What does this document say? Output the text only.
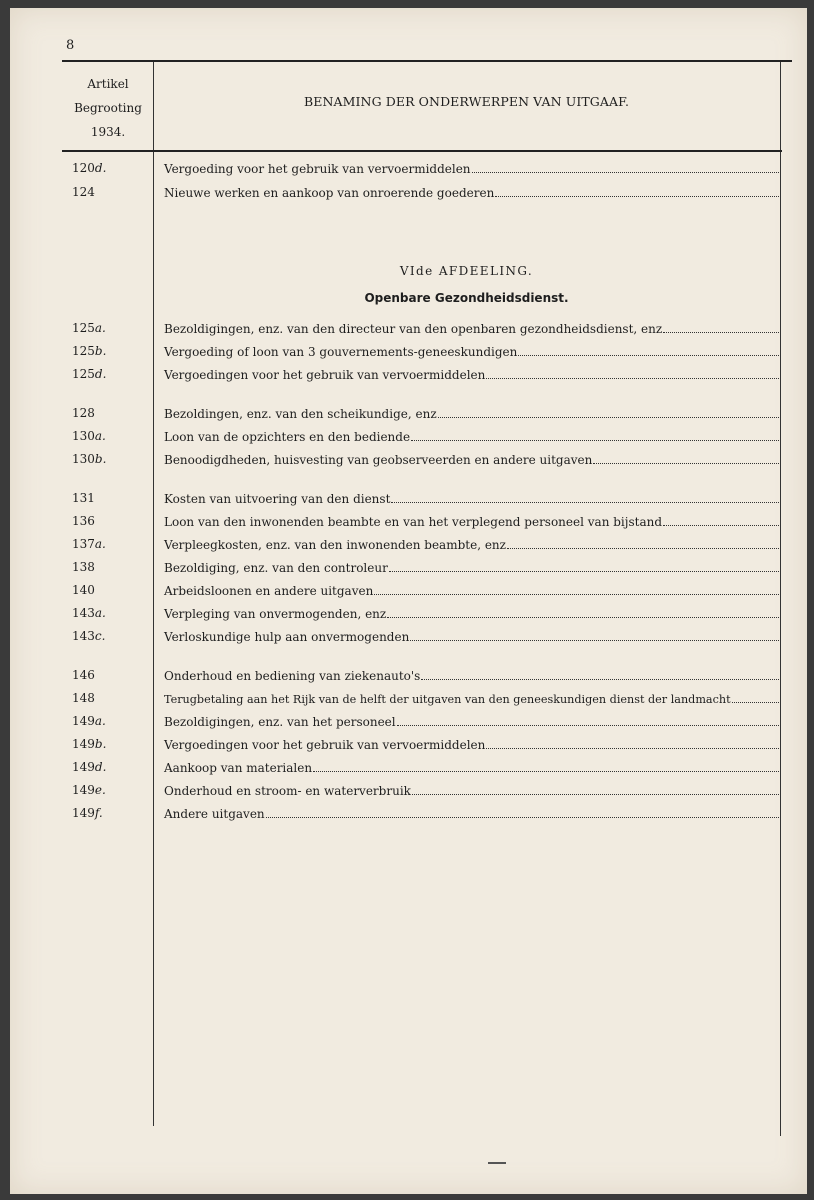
8
Artikel
Begrooting
1934.
BENAMING DER ONDERWERPEN VAN UITGAAF.
120d.	Vergoeding voor het gebruik van vervoermiddelen
124	Nieuwe werken en aankoop van onroerende goederen
VIde AFDEELING.
Openbare Gezondheidsdienst.
125a.	Bezoldigingen, enz. van den directeur van den openbaren gezondheidsdienst, enz
125b.	Vergoeding of loon van 3 gouvernements-geneeskundigen
125d.	Vergoedingen voor het gebruik van vervoermiddelen
128	Bezoldingen, enz. van den scheikundige, enz
130a.	Loon van de opzichters en den bediende
130b.	Benoodigdheden, huisvesting van geobserveerden en andere uitgaven
131	Kosten van uitvoering van den dienst
136	Loon van den inwonenden beambte en van het verplegend personeel van bijstand
137a.	Verpleegkosten, enz. van den inwonenden beambte, enz
138	Bezoldiging, enz. van den controleur
140	Arbeidsloonen en andere uitgaven
143a.	Verpleging van onvermogenden, enz
143c.	Verloskundige hulp aan onvermogenden
146	Onderhoud en bediening van ziekenauto's
148	Terugbetaling aan het Rijk van de helft der uitgaven van den geneeskundigen dienst der landmacht
149a.	Bezoldigingen, enz. van het personeel
149b.	Vergoedingen voor het gebruik van vervoermiddelen
149d.	Aankoop van materialen
149e.	Onderhoud en stroom- en waterverbruik
149f.	Andere uitgaven
